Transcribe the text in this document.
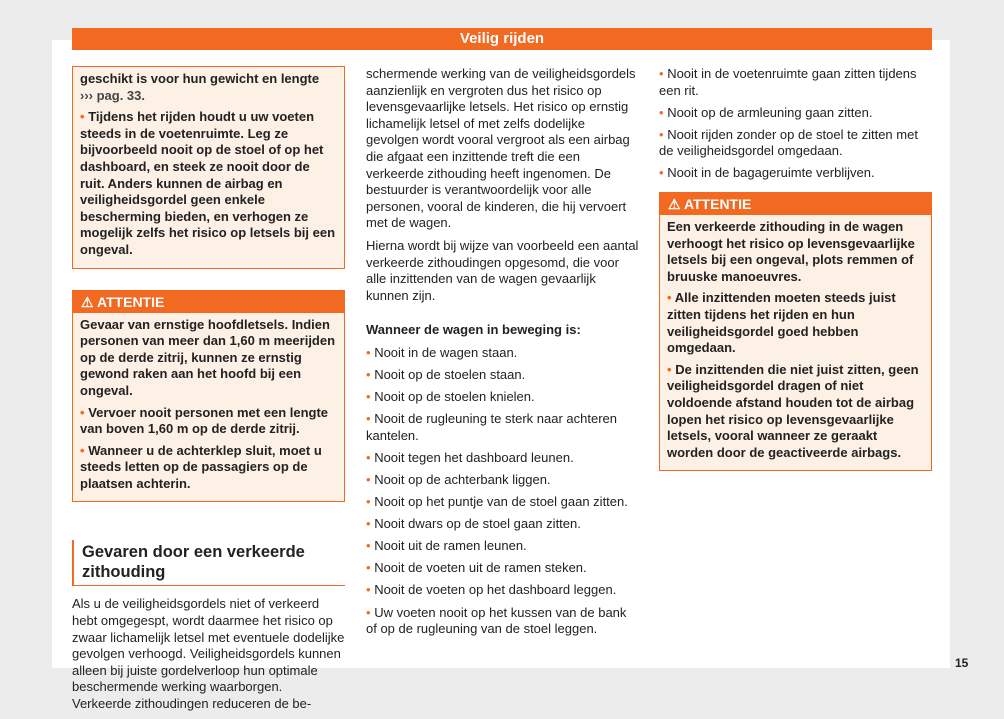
Veilig rijden

geschikt is voor hun gewicht en lengte
››› pag. 33.

• Tijdens het rijden houdt u uw voeten steeds in de voetenruimte. Leg ze bijvoorbeeld nooit op de stoel of op het dashboard, en steek ze nooit door de ruit. Anders kunnen de airbag en veiligheidsgordel geen enkele bescherming bieden, en verhogen ze mogelijk zelfs het risico op letsels bij een ongeval.

⚠ ATTENTIE

Gevaar van ernstige hoofdletsels. Indien personen van meer dan 1,60 m meerijden op de derde zitrij, kunnen ze ernstig gewond raken aan het hoofd bij een ongeval.

• Vervoer nooit personen met een lengte van boven 1,60 m op de derde zitrij.

• Wanneer u de achterklep sluit, moet u steeds letten op de passagiers op de plaatsen achterin.

Gevaren door een verkeerde zithouding

Als u de veiligheidsgordels niet of verkeerd hebt omgegespt, wordt daarmee het risico op zwaar lichamelijk letsel met eventuele dodelijke gevolgen verhoogd. Veiligheidsgordels kunnen alleen bij juiste gordelverloop hun optimale beschermende werking waarborgen. Verkeerde zithoudingen reduceren de be-

schermende werking van de veiligheidsgordels aanzienlijk en vergroten dus het risico op levensgevaarlijke letsels. Het risico op ernstig lichamelijk letsel of met zelfs dodelijke gevolgen wordt vooral vergroot als een airbag die afgaat een inzittende treft die een verkeerde zithouding heeft ingenomen. De bestuurder is verantwoordelijk voor alle personen, vooral de kinderen, die hij vervoert met de wagen.

Hierna wordt bij wijze van voorbeeld een aantal verkeerde zithoudingen opgesomd, die voor alle inzittenden van de wagen gevaarlijk kunnen zijn.

Wanneer de wagen in beweging is:

• Nooit in de wagen staan.
• Nooit op de stoelen staan.
• Nooit op de stoelen knielen.
• Nooit de rugleuning te sterk naar achteren kantelen.
• Nooit tegen het dashboard leunen.
• Nooit op de achterbank liggen.
• Nooit op het puntje van de stoel gaan zitten.
• Nooit dwars op de stoel gaan zitten.
• Nooit uit de ramen leunen.
• Nooit de voeten uit de ramen steken.
• Nooit de voeten op het dashboard leggen.
• Uw voeten nooit op het kussen van de bank of op de rugleuning van de stoel leggen.
• Nooit in de voetenruimte gaan zitten tijdens een rit.
• Nooit op de armleuning gaan zitten.
• Nooit rijden zonder op de stoel te zitten met de veiligheidsgordel omgedaan.
• Nooit in de bagageruimte verblijven.
⚠ ATTENTIE

Een verkeerde zithouding in de wagen verhoogt het risico op levensgevaarlijke letsels bij een ongeval, plots remmen of bruuske manoeuvres.

• Alle inzittenden moeten steeds juist zitten tijdens het rijden en hun veiligheidsgordel goed hebben omgedaan.

• De inzittenden die niet juist zitten, geen veiligheidsgordel dragen of niet voldoende afstand houden tot de airbag lopen het risico op levensgevaarlijke letsels, vooral wanneer ze geraakt worden door de geactiveerde airbags.

15
